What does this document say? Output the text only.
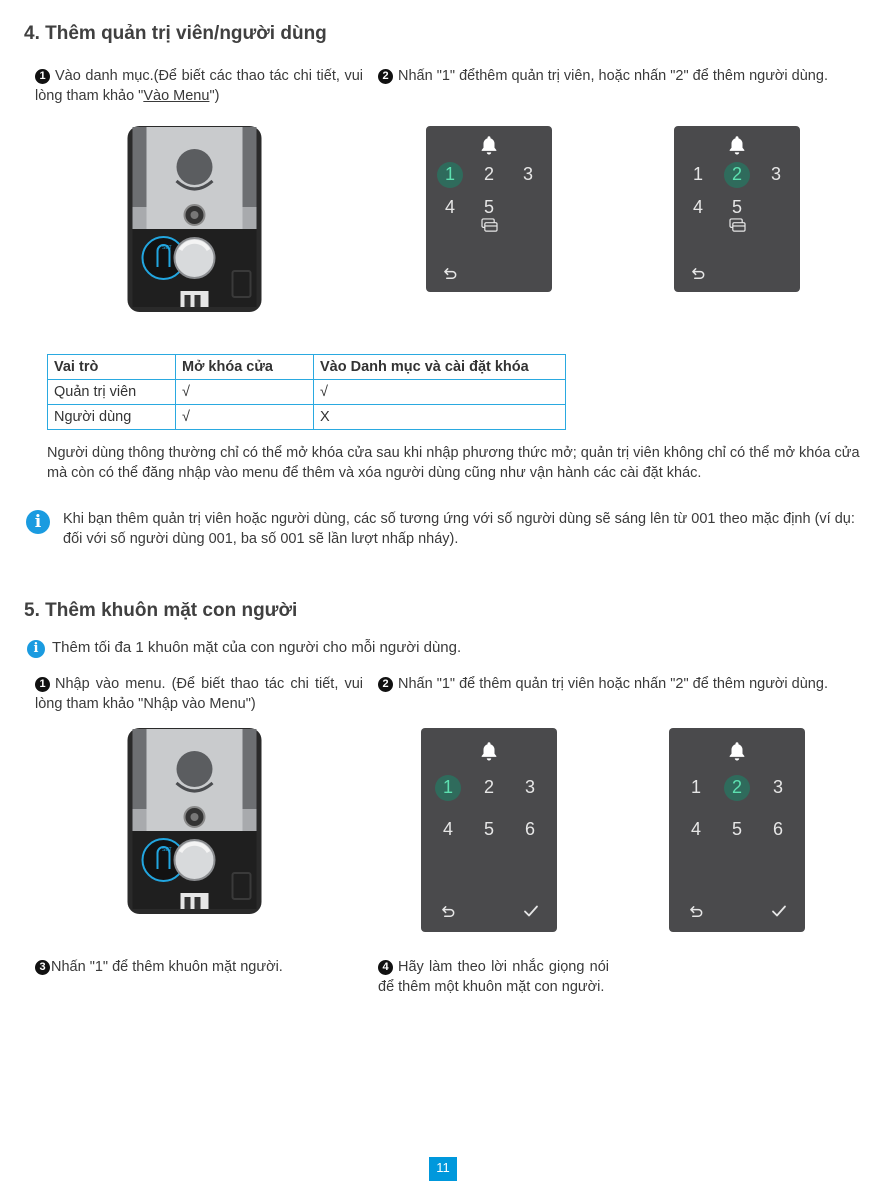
4. Thêm quản trị viên/người dùng
1 Vào danh mục.(Để biết các thao tác chi tiết, vui lòng tham khảo "Vào Menu")
2 Nhấn "1" đểthêm quản trị viên, hoặc nhấn "2" để thêm người dùng.
SET
1	2	3
4	5
1	2	3
4	5
Vai trò	Mở khóa cửa	Vào Danh mục và cài đặt khóa
Quản trị viên	√	√
Người dùng	√	X
Người dùng thông thường chỉ có thể mở khóa cửa sau khi nhập phương thức mở; quản trị viên không chỉ có thể mở khóa cửa mà còn có thể đăng nhập vào menu để thêm và xóa người dùng cũng như vận hành các cài đặt khác.
i	Khi bạn thêm quản trị viên hoặc người dùng, các số tương ứng với số người dùng sẽ sáng lên từ 001 theo mặc định (ví dụ: đối với số người dùng 001, ba số 001 sẽ lần lượt nhấp nháy).
5. Thêm khuôn mặt con người
i Thêm tối đa 1 khuôn mặt của con người cho mỗi người dùng.
1 Nhập vào menu. (Để biết thao tác chi tiết, vui lòng tham khảo "Nhập vào Menu")
2 Nhấn "1" để thêm quản trị viên hoặc nhấn "2" để thêm người dùng.
SET
1	2	3
4	5	6
1	2	3
4	5	6
3 Nhấn "1" để thêm khuôn mặt người.	4 Hãy làm theo lời nhắc giọng nói để thêm một khuôn mặt con người.
11
